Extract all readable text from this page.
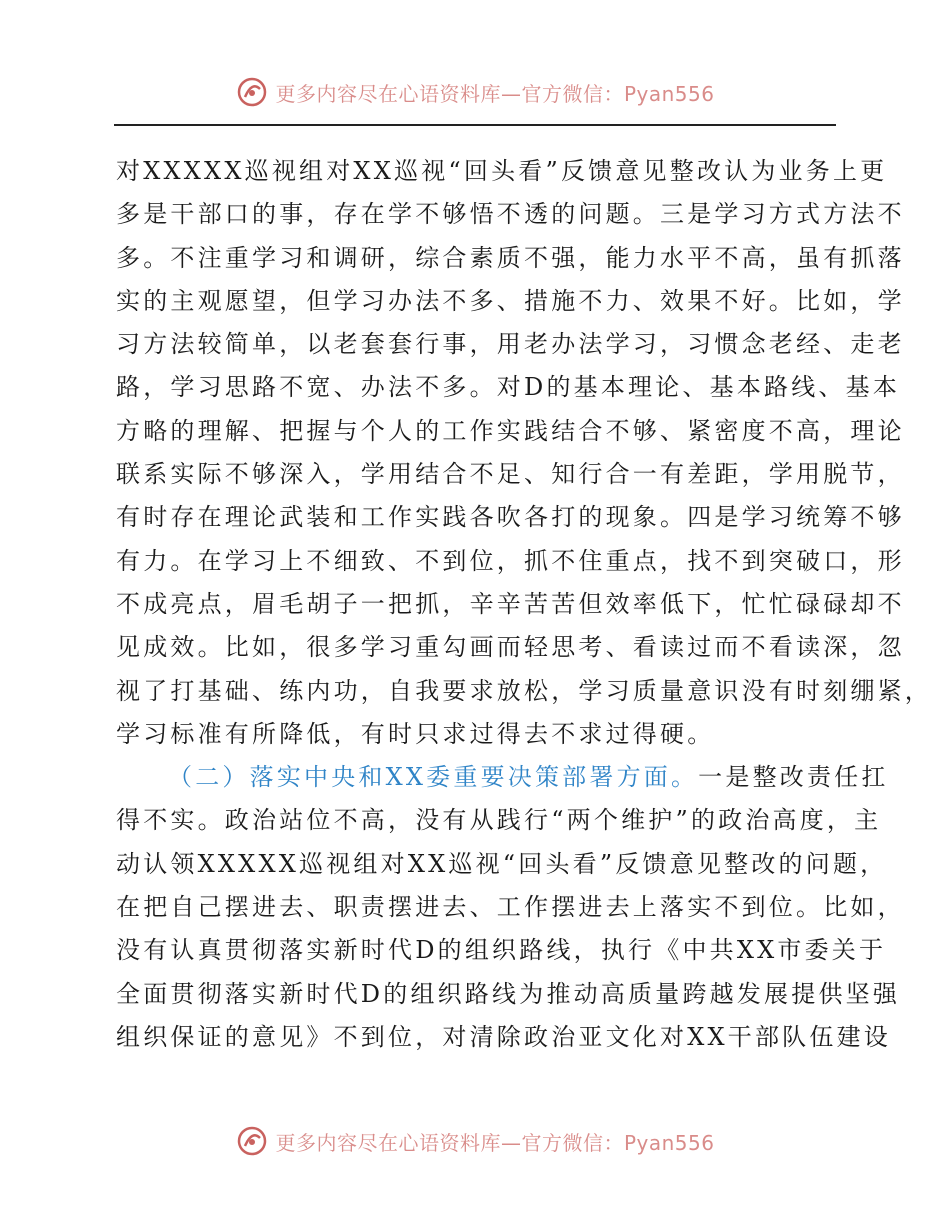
更多内容尽在心语资料库—官方微信：Pyan556
对XXXXX巡视组对XX巡视“回头看”反馈意见整改认为业务上更
多是干部口的事，存在学不够悟不透的问题。三是学习方式方法不
多。不注重学习和调研，综合素质不强，能力水平不高，虽有抓落
实的主观愿望，但学习办法不多、措施不力、效果不好。比如，学
习方法较简单，以老套套行事，用老办法学习，习惯念老经、走老
路，学习思路不宽、办法不多。对D的基本理论、基本路线、基本
方略的理解、把握与个人的工作实践结合不够、紧密度不高，理论
联系实际不够深入，学用结合不足、知行合一有差距，学用脱节，
有时存在理论武装和工作实践各吹各打的现象。四是学习统筹不够
有力。在学习上不细致、不到位，抓不住重点，找不到突破口，形
不成亮点，眉毛胡子一把抓，辛辛苦苦但效率低下，忙忙碌碌却不
见成效。比如，很多学习重勾画而轻思考、看读过而不看读深，忽
视了打基础、练内功，自我要求放松，学习质量意识没有时刻绷紧，
学习标准有所降低，有时只求过得去不求过得硬。
（二）落实中央和XX委重要决策部署方面。一是整改责任扛
得不实。政治站位不高，没有从践行“两个维护”的政治高度，主
动认领XXXXX巡视组对XX巡视“回头看”反馈意见整改的问题，
在把自己摆进去、职责摆进去、工作摆进去上落实不到位。比如，
没有认真贯彻落实新时代D的组织路线，执行《中共XX市委关于
全面贯彻落实新时代D的组织路线为推动高质量跨越发展提供坚强
组织保证的意见》不到位，对清除政治亚文化对XX干部队伍建设
更多内容尽在心语资料库—官方微信：Pyan556
